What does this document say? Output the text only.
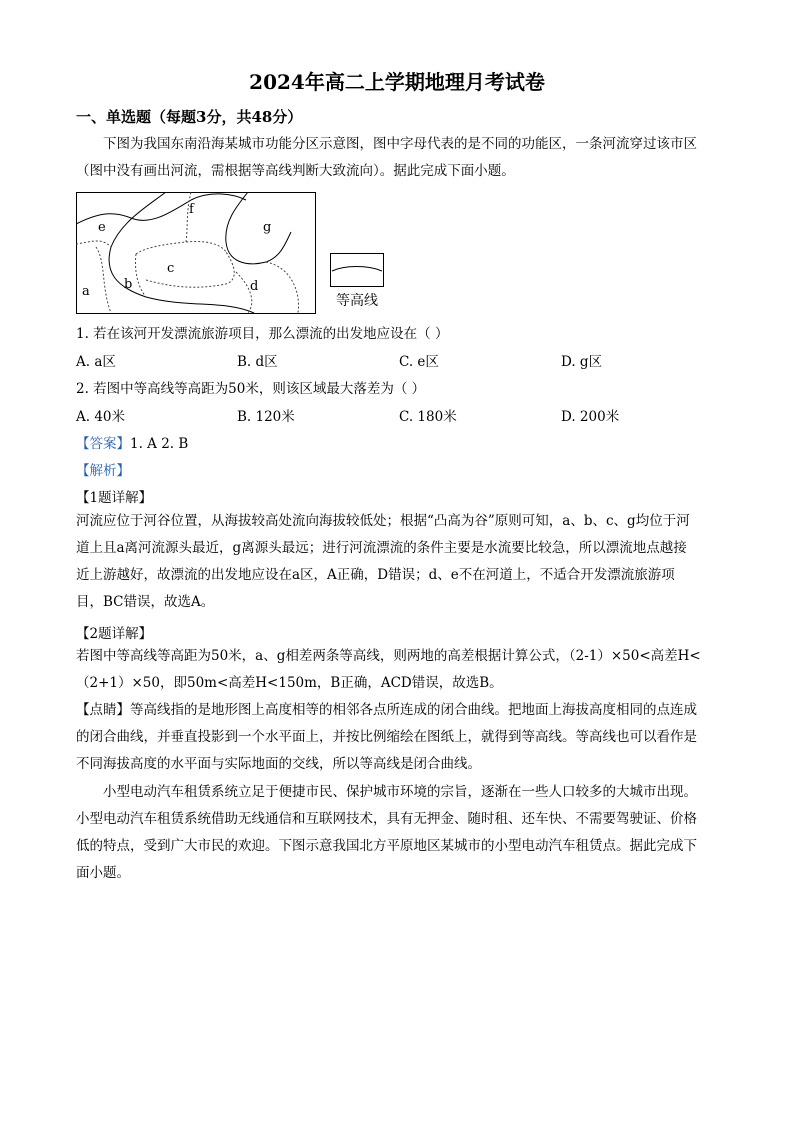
2024年高二上学期地理月考试卷
一、单选题（每题3分，共48分）
下图为我国东南沿海某城市功能分区示意图，图中字母代表的是不同的功能区，一条河流穿过该市区
（图中没有画出河流，需根据等高线判断大致流向）。据此完成下面小题。
e
f
g
c
b
a	d
等高线
1. 若在该河开发漂流旅游项目，那么漂流的出发地应设在（ ）
A. a区	B. d区	C. e区	D. g区
2. 若图中等高线等高距为50米，则该区域最大落差为（ ）
A. 40米	B. 120米	C. 180米	D. 200米
【答案】1. A 2. B
【解析】
【1题详解】
河流应位于河谷位置，从海拔较高处流向海拔较低处；根据“凸高为谷”原则可知，a、b、c、g均位于河
道上且a离河流源头最近，g离源头最远；进行河流漂流的条件主要是水流要比较急，所以漂流地点越接
近上游越好，故漂流的出发地应设在a区，A正确，D错误；d、e不在河道上，不适合开发漂流旅游项
目，BC错误，故选A。
【2题详解】
若图中等高线等高距为50米，a、g相差两条等高线，则两地的高差根据计算公式，（2-1）×50<高差H<
（2+1）×50，即50m<高差H<150m，B正确，ACD错误，故选B。
【点睛】等高线指的是地形图上高度相等的相邻各点所连成的闭合曲线。把地面上海拔高度相同的点连成
的闭合曲线，并垂直投影到一个水平面上，并按比例缩绘在图纸上，就得到等高线。等高线也可以看作是
不同海拔高度的水平面与实际地面的交线，所以等高线是闭合曲线。
小型电动汽车租赁系统立足于便捷市民、保护城市环境的宗旨，逐渐在一些人口较多的大城市出现。
小型电动汽车租赁系统借助无线通信和互联网技术，具有无押金、随时租、还车快、不需要驾驶证、价格
低的特点，受到广大市民的欢迎。下图示意我国北方平原地区某城市的小型电动汽车租赁点。据此完成下
面小题。
